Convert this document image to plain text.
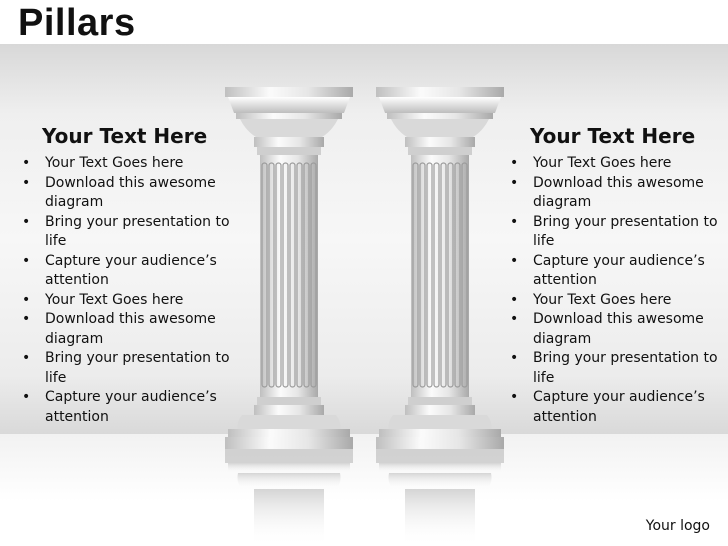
Pillars
Your Text Here
• Your Text Goes here
• Download this awesome diagram
• Bring your presentation to life
• Capture your audience’s attention
• Your Text Goes here
• Download this awesome diagram
• Bring your presentation to life
• Capture your audience’s attention
Your Text Here
• Your Text Goes here
• Download this awesome diagram
• Bring your presentation to life
• Capture your audience’s attention
• Your Text Goes here
• Download this awesome diagram
• Bring your presentation to life
• Capture your audience’s attention
Your logo
